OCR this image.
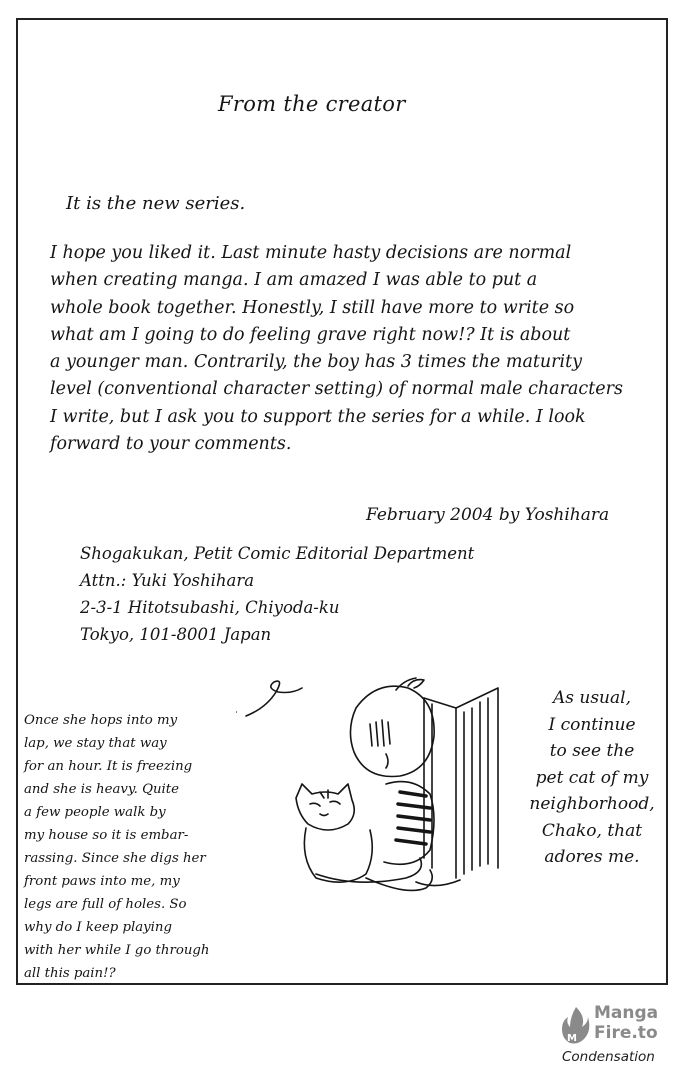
From the creator
It is the new series.
I hope you liked it. Last minute hasty decisions are normal
when creating manga. I am amazed I was able to put a
whole book together. Honestly, I still have more to write so
what am I going to do feeling grave right now!? It is about
a younger man. Contrarily, the boy has 3 times the maturity
level (conventional character setting) of normal male characters
I write, but I ask you to support the series for a while. I look
forward to your comments.
February 2004 by Yoshihara
Shogakukan, Petit Comic Editorial Department
Attn.: Yuki Yoshihara
2-3-1 Hitotsubashi, Chiyoda-ku
Tokyo, 101-8001 Japan
Once she hops into my
lap, we stay that way
for an hour. It is freezing
and she is heavy. Quite
a few people walk by
my house so it is embar-
rassing. Since she digs her
front paws into me, my
legs are full of holes. So
why do I keep playing
with her while I go through
all this pain!?
As usual,
I continue
to see the
pet cat of my
neighborhood,
Chako, that
adores me.
M
Manga
Fire.to
Condensation
